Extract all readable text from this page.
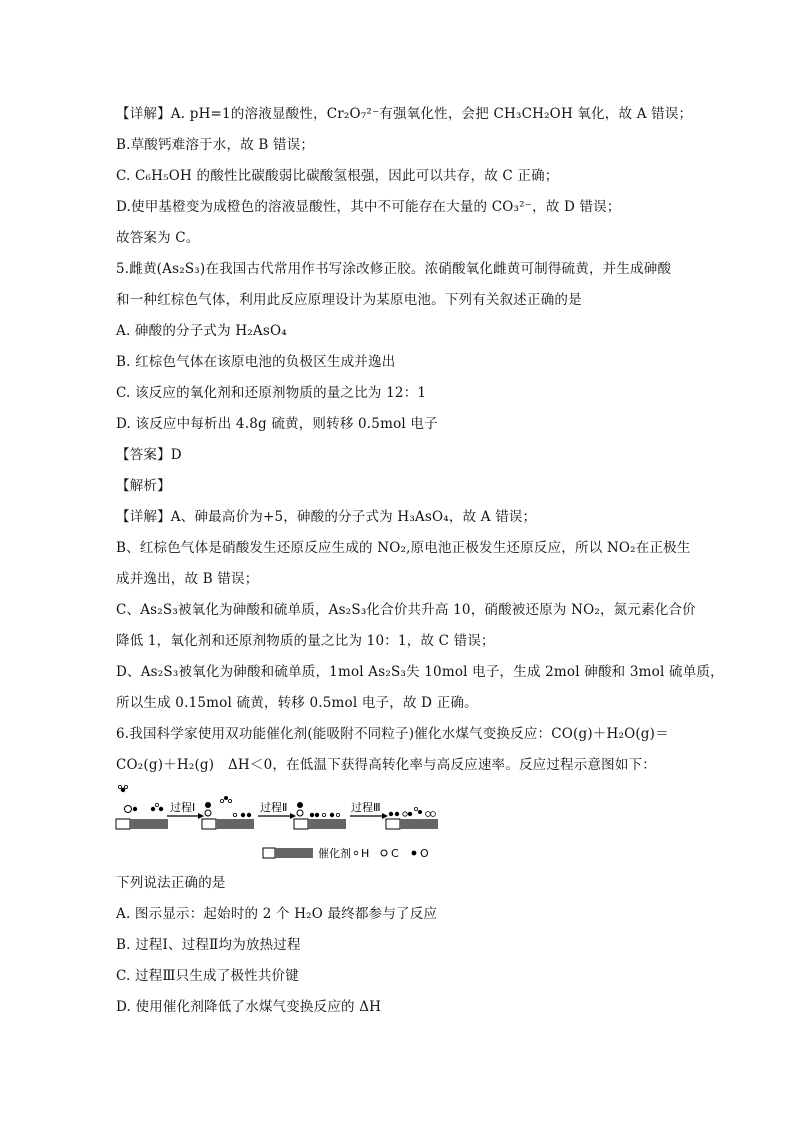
【详解】A. pH=1的溶液显酸性，Cr₂O₇²⁻有强氧化性，会把 CH₃CH₂OH 氧化，故 A 错误；
B.草酸钙难溶于水，故 B 错误；
C. C₆H₅OH 的酸性比碳酸弱比碳酸氢根强，因此可以共存，故 C 正确；
D.使甲基橙变为成橙色的溶液显酸性，其中不可能存在大量的 CO₃²⁻，故 D 错误；
故答案为 C。
5.雌黄(As₂S₃)在我国古代常用作书写涂改修正胶。浓硝酸氧化雌黄可制得硫黄，并生成砷酸
和一种红棕色气体，利用此反应原理设计为某原电池。下列有关叙述正确的是
A. 砷酸的分子式为 H₂AsO₄
B. 红棕色气体在该原电池的负极区生成并逸出
C. 该反应的氧化剂和还原剂物质的量之比为 12：1
D. 该反应中每析出 4.8g 硫黄，则转移 0.5mol 电子
【答案】D
【解析】
【详解】A、砷最高价为+5，砷酸的分子式为 H₃AsO₄，故 A 错误；
B、红棕色气体是硝酸发生还原反应生成的 NO₂,原电池正极发生还原反应，所以 NO₂在正极生
成并逸出，故 B 错误；
C、As₂S₃被氧化为砷酸和硫单质，As₂S₃化合价共升高 10，硝酸被还原为 NO₂，氮元素化合价
降低 1，氧化剂和还原剂物质的量之比为 10：1，故 C 错误；
D、As₂S₃被氧化为砷酸和硫单质，1mol As₂S₃失 10mol 电子，生成 2mol 砷酸和 3mol 硫单质，
所以生成 0.15mol 硫黄，转移 0.5mol 电子，故 D 正确。
6.我国科学家使用双功能催化剂(能吸附不同粒子)催化水煤气变换反应：CO(g)＋H₂O(g)＝
CO₂(g)＋H₂(g)　ΔH＜0，在低温下获得高转化率与高反应速率。反应过程示意图如下：
过程Ⅰ	过程Ⅱ	过程Ⅲ
催化剂 H C O
下列说法正确的是
A. 图示显示：起始时的 2 个 H₂O 最终都参与了反应
B. 过程Ⅰ、过程Ⅱ均为放热过程
C. 过程Ⅲ只生成了极性共价键
D. 使用催化剂降低了水煤气变换反应的 ΔH
